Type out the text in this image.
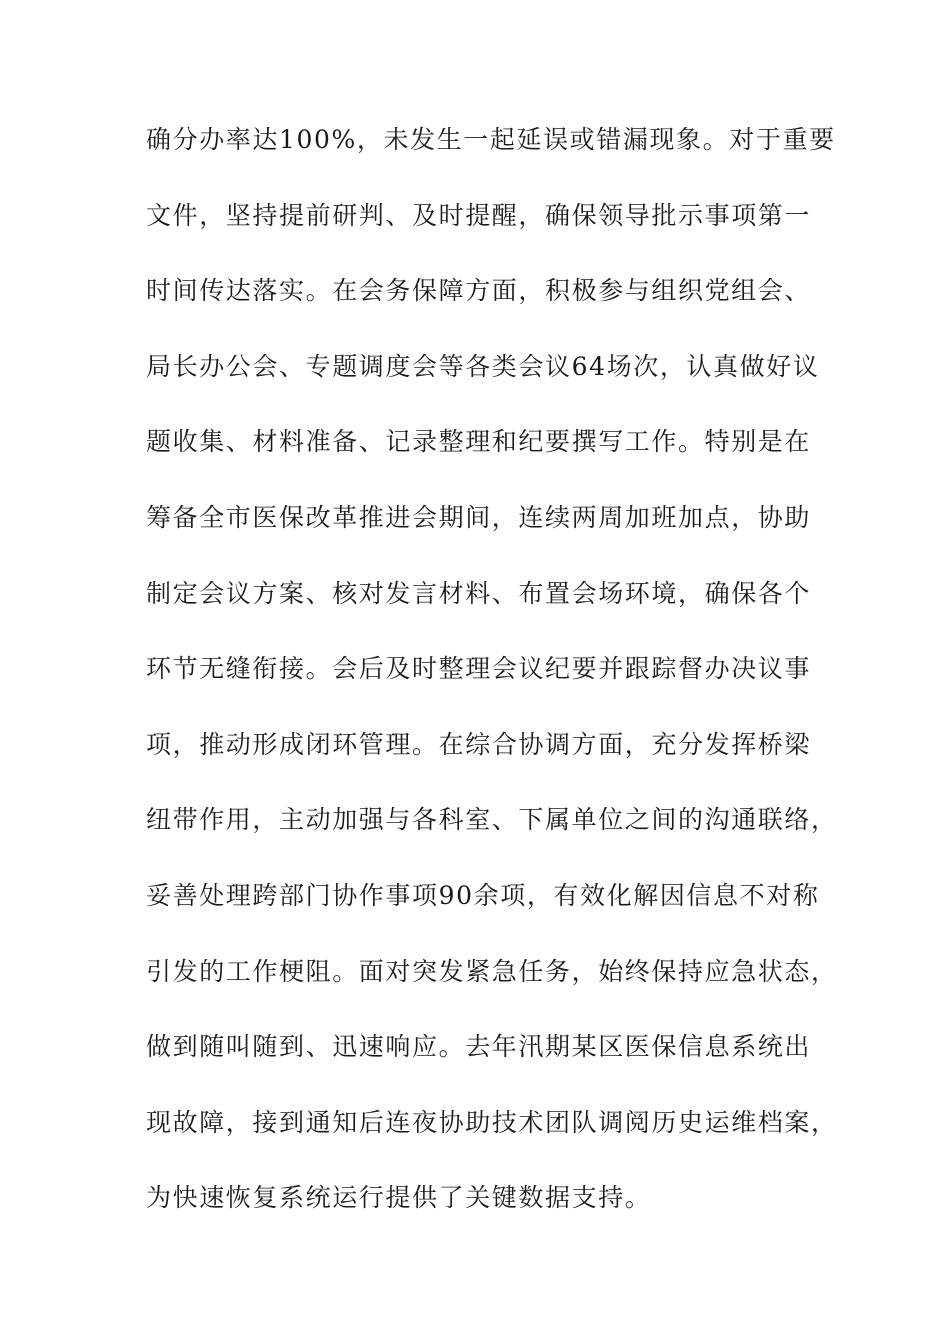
确分办率达100%，未发生一起延误或错漏现象。对于重要
文件，坚持提前研判、及时提醒，确保领导批示事项第一
时间传达落实。在会务保障方面，积极参与组织党组会、
局长办公会、专题调度会等各类会议64场次，认真做好议
题收集、材料准备、记录整理和纪要撰写工作。特别是在
筹备全市医保改革推进会期间，连续两周加班加点，协助
制定会议方案、核对发言材料、布置会场环境，确保各个
环节无缝衔接。会后及时整理会议纪要并跟踪督办决议事
项，推动形成闭环管理。在综合协调方面，充分发挥桥梁
纽带作用，主动加强与各科室、下属单位之间的沟通联络，
妥善处理跨部门协作事项90余项，有效化解因信息不对称
引发的工作梗阻。面对突发紧急任务，始终保持应急状态，
做到随叫随到、迅速响应。去年汛期某区医保信息系统出
现故障，接到通知后连夜协助技术团队调阅历史运维档案，
为快速恢复系统运行提供了关键数据支持。
